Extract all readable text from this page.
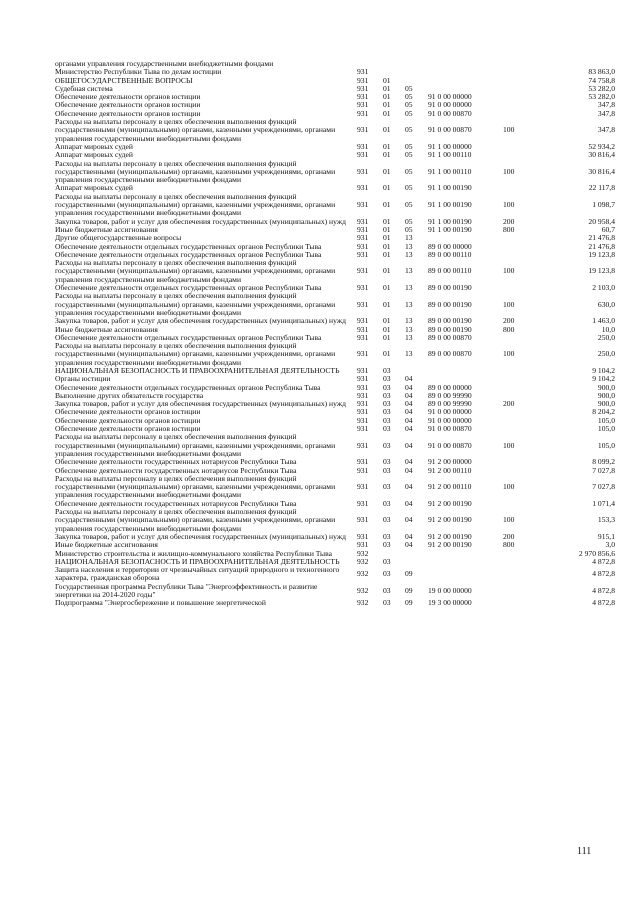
органами управления государственными внебюджетными фондами						
Министерство Республики Тыва по делам юстиции	931					83 863,0
ОБЩЕГОСУДАРСТВЕННЫЕ ВОПРОСЫ	931	01				74 758,8
Судебная система	931	01	05			53 282,0
Обеспечение деятельности органов юстиции	931	01	05	91 0 00 00000		53 282,0
Обеспечение деятельности органов юстиции	931	01	05	91 0 00 00000		347,8
Обеспечение деятельности органов юстиции	931	01	05	91 0 00 00870		347,8
Расходы на выплаты персоналу в целях обеспечения выполнения функций государственными (муниципальными) органами, казенными учреждениями, органами управления государственными внебюджетными фондами	931	01	05	91 0 00 00870	100	347,8
Аппарат мировых судей	931	01	05	91 1 00 00000		52 934,2
Аппарат мировых судей	931	01	05	91 1 00 00110		30 816,4
Расходы на выплаты персоналу в целях обеспечения выполнения функций государственными (муниципальными) органами, казенными учреждениями, органами управления государственными внебюджетными фондами	931	01	05	91 1 00 00110	100	30 816,4
Аппарат мировых судей	931	01	05	91 1 00 00190		22 117,8
Расходы на выплаты персоналу в целях обеспечения выполнения функций государственными (муниципальными) органами, казенными учреждениями, органами управления государственными внебюджетными фондами	931	01	05	91 1 00 00190	100	1 098,7
Закупка товаров, работ и услуг для обеспечения государственных (муниципальных) нужд	931	01	05	91 1 00 00190	200	20 958,4
Иные бюджетные ассигнования	931	01	05	91 1 00 00190	800	60,7
Другие общегосударственные вопросы	931	01	13			21 476,8
Обеспечение деятельности отдельных государственных органов Республики Тыва	931	01	13	89 0 00 00000		21 476,8
Обеспечение деятельности отдельных государственных органов Республики Тыва	931	01	13	89 0 00 00110		19 123,8
Расходы на выплаты персоналу в целях обеспечения выполнения функций государственными (муниципальными) органами, казенными учреждениями, органами управления государственными внебюджетными фондами	931	01	13	89 0 00 00110	100	19 123,8
Обеспечение деятельности отдельных государственных органов Республики Тыва	931	01	13	89 0 00 00190		2 103,0
Расходы на выплаты персоналу в целях обеспечения выполнения функций государственными (муниципальными) органами, казенными учреждениями, органами управления государственными внебюджетными фондами	931	01	13	89 0 00 00190	100	630,0
Закупка товаров, работ и услуг для обеспечения государственных (муниципальных) нужд	931	01	13	89 0 00 00190	200	1 463,0
Иные бюджетные ассигнования	931	01	13	89 0 00 00190	800	10,0
Обеспечение деятельности отдельных государственных органов Республики Тыва	931	01	13	89 0 00 00870		250,0
Расходы на выплаты персоналу в целях обеспечения выполнения функций государственными (муниципальными) органами, казенными учреждениями, органами управления государственными внебюджетными фондами	931	01	13	89 0 00 00870	100	250,0
НАЦИОНАЛЬНАЯ БЕЗОПАСНОСТЬ И ПРАВООХРАНИТЕЛЬНАЯ ДЕЯТЕЛЬНОСТЬ	931	03				9 104,2
Органы юстиции	931	03	04			9 104,2
Обеспечение деятельности отдельных государственных органов Республика Тыва	931	03	04	89 0 00 00000		900,0
Выполнение других обязательств государства	931	03	04	89 0 00 99990		900,0
Закупка товаров, работ и услуг для обеспечения государственных (муниципальных) нужд	931	03	04	89 0 00 99990	200	900,0
Обеспечение деятельности органов юстиции	931	03	04	91 0 00 00000		8 204,2
Обеспечение деятельности органов юстиции	931	03	04	91 0 00 00000		105,0
Обеспечение деятельности органов юстиции	931	03	04	91 0 00 00870		105,0
Расходы на выплаты персоналу в целях обеспечения выполнения функций государственными (муниципальными) органами, казенными учреждениями, органами управления государственными внебюджетными фондами	931	03	04	91 0 00 00870	100	105,0
Обеспечение деятельности государственных нотариусов Республики Тыва	931	03	04	91 2 00 00000		8 099,2
Обеспечение деятельности государственных нотариусов Республики Тыва	931	03	04	91 2 00 00110		7 027,8
Расходы на выплаты персоналу в целях обеспечения выполнения функций государственными (муниципальными) органами, казенными учреждениями, органами управления государственными внебюджетными фондами	931	03	04	91 2 00 00110	100	7 027,8
Обеспечение деятельности государственных нотариусов Республики Тыва	931	03	04	91 2 00 00190		1 071,4
Расходы на выплаты персоналу в целях обеспечения выполнения функций государственными (муниципальными) органами, казенными учреждениями, органами управления государственными внебюджетными фондами	931	03	04	91 2 00 00190	100	153,3
Закупка товаров, работ и услуг для обеспечения государственных (муниципальных) нужд	931	03	04	91 2 00 00190	200	915,1
Иные бюджетные ассигнования	931	03	04	91 2 00 00190	800	3,0
Министерство строительства и жилищно-коммунального хозяйства Республики Тыва	932					2 970 856,6
НАЦИОНАЛЬНАЯ БЕЗОПАСНОСТЬ И ПРАВООХРАНИТЕЛЬНАЯ ДЕЯТЕЛЬНОСТЬ	932	03				4 872,8
Защита населения и территории от чрезвычайных ситуаций природного и техногенного характера, гражданская оборона	932	03	09			4 872,8
Государственная программа Республики Тыва "Энергоэффективность и развитие энергетики на 2014-2020 годы"	932	03	09	19 0 00 00000		4 872,8
Подпрограмма "Энергосбережение и повышение энергетической	932	03	09	19 3 00 00000		4 872,8
111
